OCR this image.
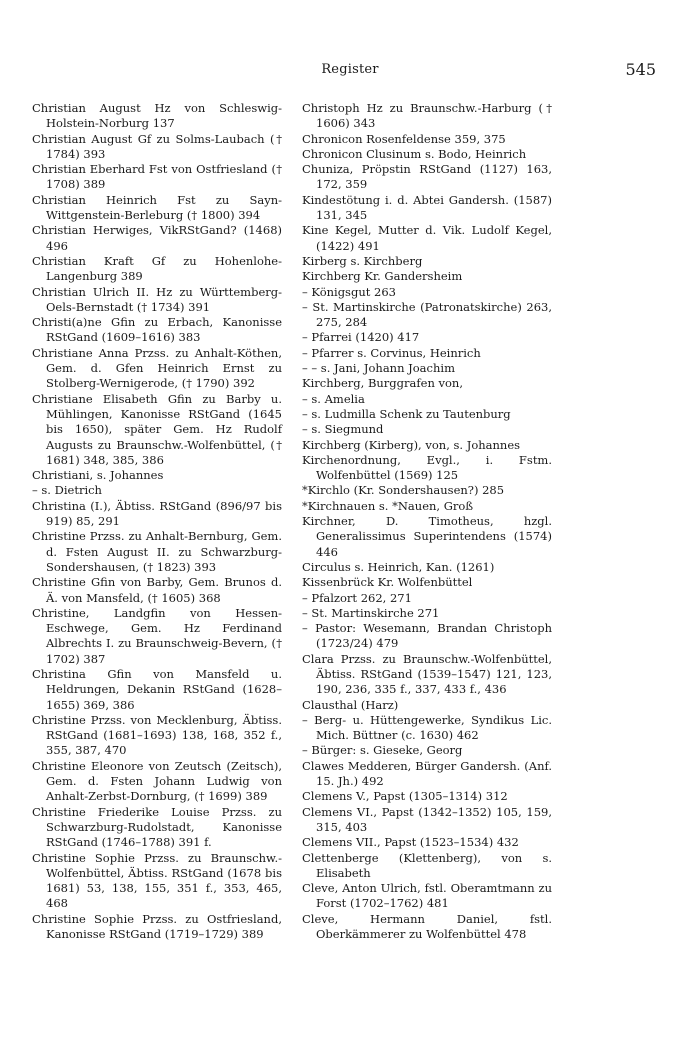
Register	545

Christian August Hz von Schleswig-Holstein-Norburg 137

Christian August Gf zu Solms-Laubach († 1784) 393

Christian Eberhard Fst von Ostfriesland († 1708) 389

Christian Heinrich Fst zu Sayn-Wittgenstein-Berleburg († 1800) 394

Christian Herwiges, VikRStGand? (1468) 496

Christian Kraft Gf zu Hohenlohe-Langenburg 389

Christian Ulrich II. Hz zu Württemberg-Oels-Bernstadt († 1734) 391

Christi(a)ne Gfin zu Erbach, Kanonisse RStGand (1609–1616) 383

Christiane Anna Przss. zu Anhalt-Köthen, Gem. d. Gfen Heinrich Ernst zu Stolberg-Wernigerode, († 1790) 392

Christiane Elisabeth Gfin zu Barby u. Mühlingen, Kanonisse RStGand (1645 bis 1650), später Gem. Hz Rudolf Augusts zu Braunschw.-Wolfenbüttel, († 1681) 348, 385, 386

Christiani, s. Johannes

– s. Dietrich

Christina (I.), Äbtiss. RStGand (896/97 bis 919) 85, 291

Christine Przss. zu Anhalt-Bernburg, Gem. d. Fsten August II. zu Schwarzburg-Sondershausen, († 1823) 393

Christine Gfin von Barby, Gem. Brunos d. Ä. von Mansfeld, († 1605) 368

Christine, Landgfin von Hessen-Eschwege, Gem. Hz Ferdinand Albrechts I. zu Braunschweig-Bevern, († 1702) 387

Christina Gfin von Mansfeld u. Heldrungen, Dekanin RStGand (1628–1655) 369, 386

Christine Przss. von Mecklenburg, Äbtiss. RStGand (1681–1693) 138, 168, 352 f., 355, 387, 470

Christine Eleonore von Zeutsch (Zeitsch), Gem. d. Fsten Johann Ludwig von Anhalt-Zerbst-Dornburg, († 1699) 389

Christine Friederike Louise Przss. zu Schwarzburg-Rudolstadt, Kanonisse RStGand (1746–1788) 391 f.

Christine Sophie Przss. zu Braunschw.-Wolfenbüttel, Äbtiss. RStGand (1678 bis 1681) 53, 138, 155, 351 f., 353, 465, 468

Christine Sophie Przss. zu Ostfriesland, Kanonisse RStGand (1719–1729) 389

Christoph Hz zu Braunschw.-Harburg († 1606) 343

Chronicon Rosenfeldense 359, 375

Chronicon Clusinum s. Bodo, Heinrich

Chuniza, Pröpstin RStGand (1127) 163, 172, 359

Kindestötung i. d. Abtei Gandersh. (1587) 131, 345

Kine Kegel, Mutter d. Vik. Ludolf Kegel, (1422) 491

Kirberg s. Kirchberg

Kirchberg Kr. Gandersheim

– Königsgut 263

– St. Martinskirche (Patronatskirche) 263, 275, 284

– Pfarrei (1420) 417

– Pfarrer s. Corvinus, Heinrich

– – s. Jani, Johann Joachim

Kirchberg, Burggrafen von,

– s. Amelia

– s. Ludmilla Schenk zu Tautenburg

– s. Siegmund

Kirchberg (Kirberg), von, s. Johannes

Kirchenordnung, Evgl., i. Fstm. Wolfenbüttel (1569) 125

*Kirchlo (Kr. Sondershausen?) 285

*Kirchnauen s. *Nauen, Groß

Kirchner, D. Timotheus, hzgl. Generalissimus Superintendens (1574) 446

Circulus s. Heinrich, Kan. (1261)

Kissenbrück Kr. Wolfenbüttel

– Pfalzort 262, 271

– St. Martinskirche 271

– Pastor: Wesemann, Brandan Christoph (1723/24) 479

Clara Przss. zu Braunschw.-Wolfenbüttel, Äbtiss. RStGand (1539–1547) 121, 123, 190, 236, 335 f., 337, 433 f., 436

Clausthal (Harz)

– Berg- u. Hüttengewerke, Syndikus Lic. Mich. Büttner (c. 1630) 462

– Bürger: s. Gieseke, Georg

Clawes Medderen, Bürger Gandersh. (Anf. 15. Jh.) 492

Clemens V., Papst (1305–1314) 312

Clemens VI., Papst (1342–1352) 105, 159, 315, 403

Clemens VII., Papst (1523–1534) 432

Clettenberge (Klettenberg), von s. Elisabeth

Cleve, Anton Ulrich, fstl. Oberamtmann zu Forst (1702–1762) 481

Cleve, Hermann Daniel, fstl. Oberkämmerer zu Wolfenbüttel 478
